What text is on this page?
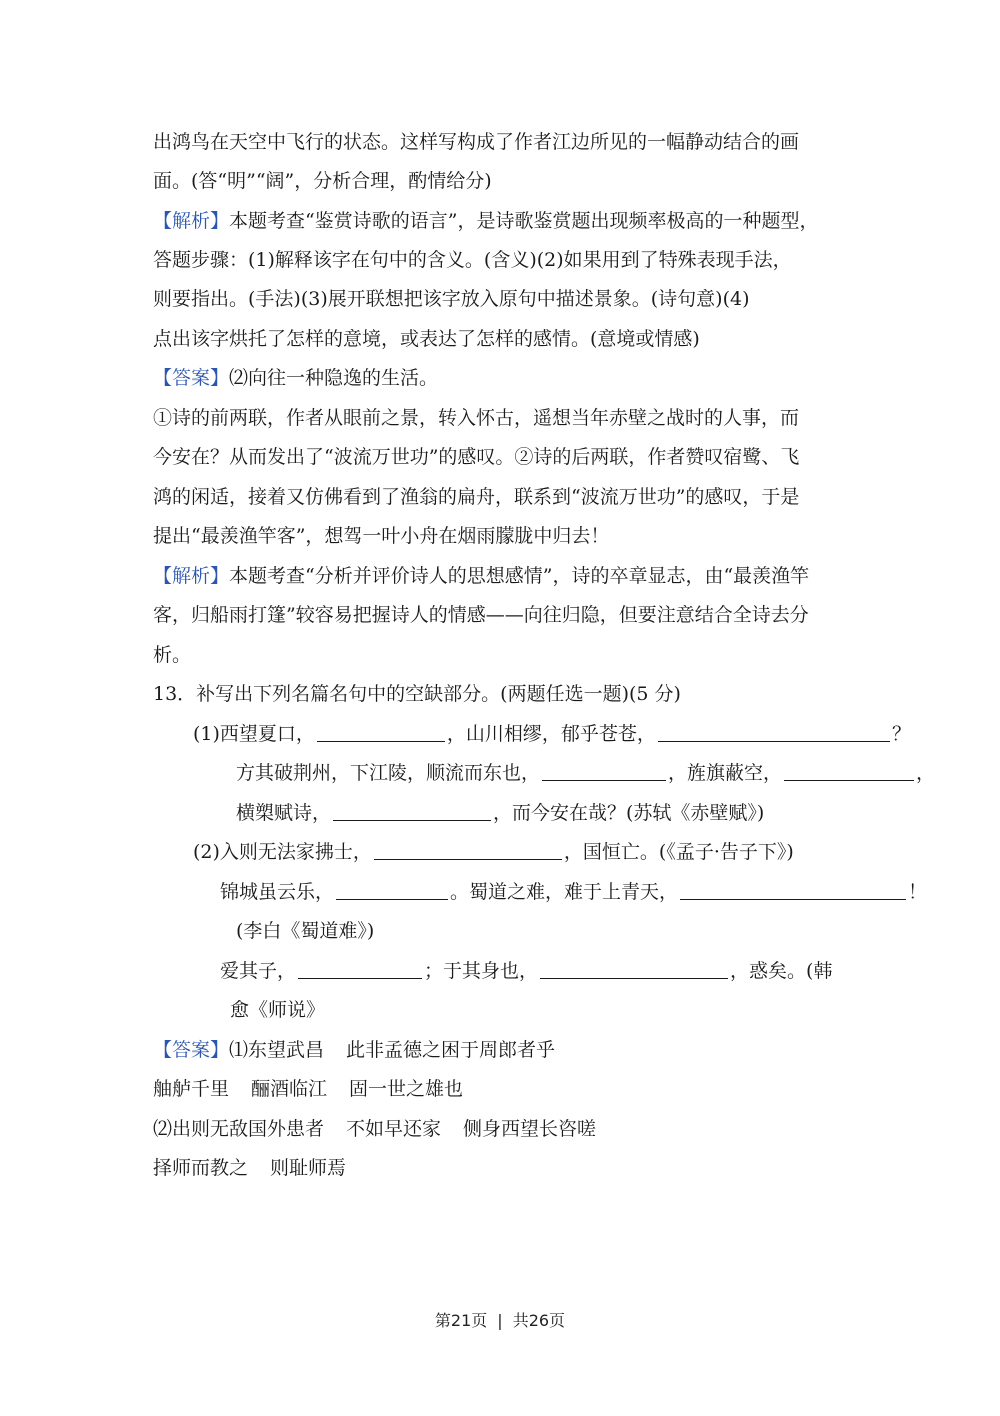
出鸿鸟在天空中飞行的状态。这样写构成了作者江边所见的一幅静动结合的画
面。(答“明”“阔”，分析合理，酌情给分)
【解析】本题考查“鉴赏诗歌的语言”，是诗歌鉴赏题出现频率极高的一种题型，
答题步骤：(1)解释该字在句中的含义。(含义)(2)如果用到了特殊表现手法，
则要指出。(手法)(3)展开联想把该字放入原句中描述景象。(诗句意)(4)
点出该字烘托了怎样的意境，或表达了怎样的感情。(意境或情感)
【答案】⑵向往一种隐逸的生活。
①诗的前两联，作者从眼前之景，转入怀古，遥想当年赤壁之战时的人事，而
今安在？从而发出了“波流万世功”的感叹。②诗的后两联，作者赞叹宿鹭、飞
鸿的闲适，接着又仿佛看到了渔翁的扁舟，联系到“波流万世功”的感叹，于是
提出“最羡渔竿客”，想驾一叶小舟在烟雨朦胧中归去！
【解析】本题考查“分析并评价诗人的思想感情”，诗的卒章显志，由“最羡渔竿
客，归船雨打篷”较容易把握诗人的情感——向往归隐，但要注意结合全诗去分
析。
13．补写出下列名篇名句中的空缺部分。(两题任选一题)(5 分)
(1)西望夏口，	，山川相缪，郁乎苍苍，	？
方其破荆州，下江陵，顺流而东也，	，旌旗蔽空，	，
横槊赋诗，	，而今安在哉？(苏轼《赤壁赋》)
(2)入则无法家拂士，	，国恒亡。(《孟子·告子下》)
锦城虽云乐，	。蜀道之难，难于上青天，	！
(李白《蜀道难》)
爱其子，	；于其身也，	，惑矣。(韩
愈《师说》
【答案】⑴东望武昌 此非孟德之困于周郎者乎
舳舻千里 酾酒临江 固一世之雄也
⑵出则无敌国外患者 不如早还家 侧身西望长咨嗟
择师而教之 则耻师焉
第21页 | 共26页
